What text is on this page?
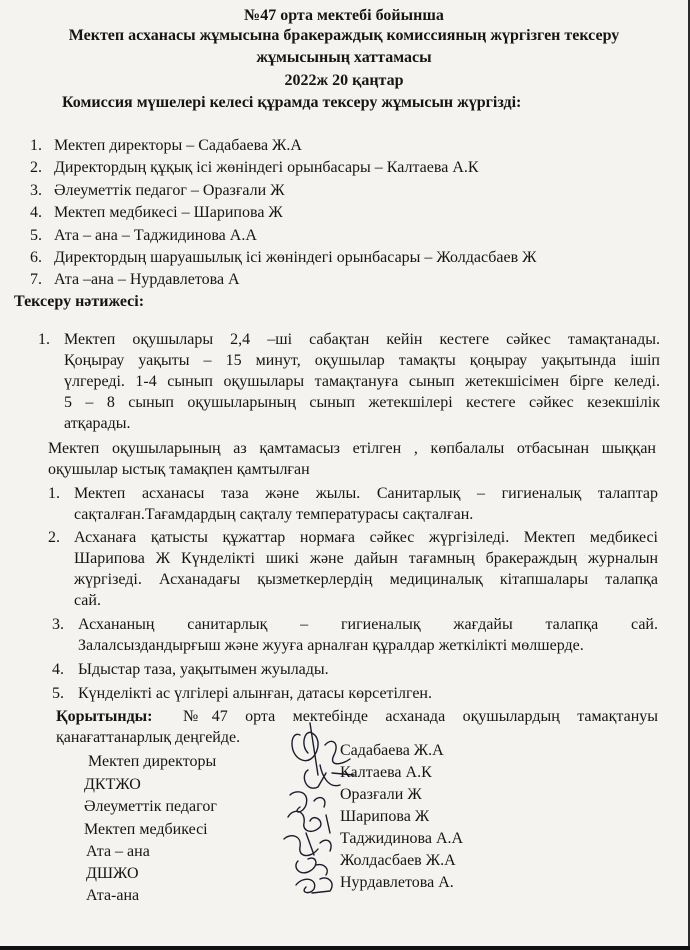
№47 орта мектебі бойынша
Мектеп асханасы жұмысына бракераждық комиссияның жүргізген тексеру
жұмысының хаттамасы
2022ж 20 қаңтар
Комиссия мүшелері келесі құрамда тексеру жұмысын жүргізді:
1. Мектеп директоры – Садабаева Ж.А
2. Директордың құқық ісі жөніндегі орынбасары – Калтаева А.К
3. Әлеуметтік педагог – Оразғали Ж
4. Мектеп медбикесі – Шарипова Ж
5. Ата – ана – Таджидинова А.А
6. Директордың шаруашылық ісі жөніндегі орынбасары – Жолдасбаев Ж
7. Ата –ана – Нурдавлетова А
Тексеру нәтижесі:
1. Мектеп оқушылары 2,4 –ші сабақтан кейін кестеге сәйкес тамақтанады.
Қоңырау уақыты – 15 минут, оқушылар тамақты қоңырау уақытында ішіп
үлгереді. 1-4 сынып оқушылары тамақтануға сынып жетекшісімен бірге келеді.
5 – 8 сынып оқушыларының сынып жетекшілері кестеге сәйкес кезекшілік
атқарады.
Мектеп оқушыларының аз қамтамасыз етілген , көпбалалы отбасынан шыққан
оқушылар ыстық тамақпен қамтылған
1. Мектеп асханасы таза және жылы. Санитарлық – гигиеналық талаптар
сақталған.Тағамдардың сақталу температурасы сақталған.
2. Асханаға қатысты құжаттар нормаға сәйкес жүргізіледі. Мектеп медбикесі
Шарипова Ж Күнделікті шикі және дайын тағамның бракераждың журналын
жүргізеді. Асханадағы қызметкерлердің медициналық кітапшалары талапқа
сай.
3. Асхананың санитарлық – гигиеналық жағдайы талапқа сай.
Залалсыздандырғыш және жууға арналған құралдар жеткілікті мөлшерде.
4. Ыдыстар таза, уақытымен жуылады.
5. Күнделікті ас үлгілері алынған, датасы көрсетілген.
Қорытынды: №47 орта мектебінде асханада оқушылардың тамақтануы
қанағаттанарлық деңгейде.
Мектеп директоры
ДКТЖО
Әлеуметтік педагог
Мектеп медбикесі
Ата – ана
ДШЖО
Ата-ана
Садабаева Ж.А
Калтаева А.К
Оразғали Ж
Шарипова Ж
Таджидинова А.А
Жолдасбаев Ж.А
Нурдавлетова А.
